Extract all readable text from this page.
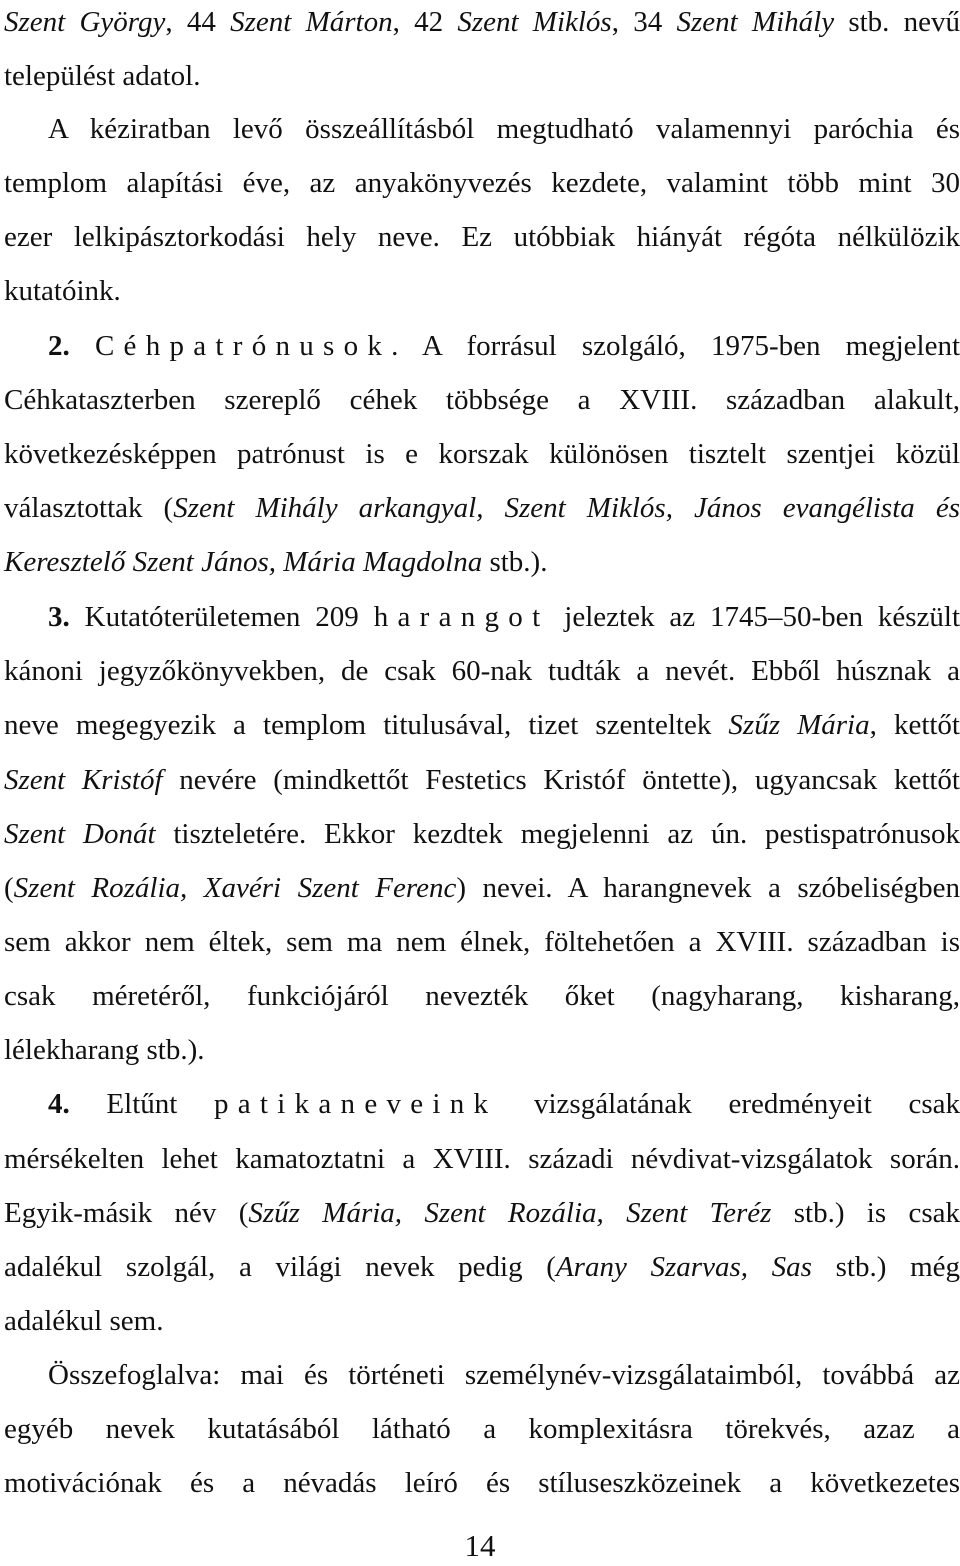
Szent György, 44 Szent Márton, 42 Szent Miklós, 34 Szent Mihály stb. nevű
települést adatol.
A kéziratban levő összeállításból megtudható valamennyi paróchia és
templom alapítási éve, az anyakönyvezés kezdete, valamint több mint 30
ezer lelkipásztorkodási hely neve. Ez utóbbiak hiányát régóta nélkülözik
kutatóink.
2. Céhpatrónusok. A forrásul szolgáló, 1975-ben megjelent
Céhkataszterben szereplő céhek többsége a XVIII. században alakult,
következésképpen patrónust is e korszak különösen tisztelt szentjei közül
választottak (Szent Mihály arkangyal, Szent Miklós, János evangélista és
Keresztelő Szent János, Mária Magdolna stb.).
3. Kutatóterületemen 209 harangot jeleztek az 1745–50-ben készült
kánoni jegyzőkönyvekben, de csak 60-nak tudták a nevét. Ebből húsznak a
neve megegyezik a templom titulusával, tizet szenteltek Szűz Mária, kettőt
Szent Kristóf nevére (mindkettőt Festetics Kristóf öntette), ugyancsak kettőt
Szent Donát tiszteletére. Ekkor kezdtek megjelenni az ún. pestispatrónusok
(Szent Rozália, Xavéri Szent Ferenc) nevei. A harangnevek a szóbeliségben
sem akkor nem éltek, sem ma nem élnek, föltehetően a XVIII. században is
csak méretéről, funkciójáról nevezték őket (nagyharang, kisharang,
lélekharang stb.).
4. Eltűnt patikaneveink vizsgálatának eredményeit csak
mérsékelten lehet kamatoztatni a XVIII. századi névdivat-vizsgálatok során.
Egyik-másik név (Szűz Mária, Szent Rozália, Szent Teréz stb.) is csak
adalékul szolgál, a világi nevek pedig (Arany Szarvas, Sas stb.) még
adalékul sem.
Összefoglalva: mai és történeti személynév-vizsgálataimból, továbbá az
egyéb nevek kutatásából látható a komplexitásra törekvés, azaz a
motivációnak és a névadás leíró és stíluseszközeinek a következetes
14
